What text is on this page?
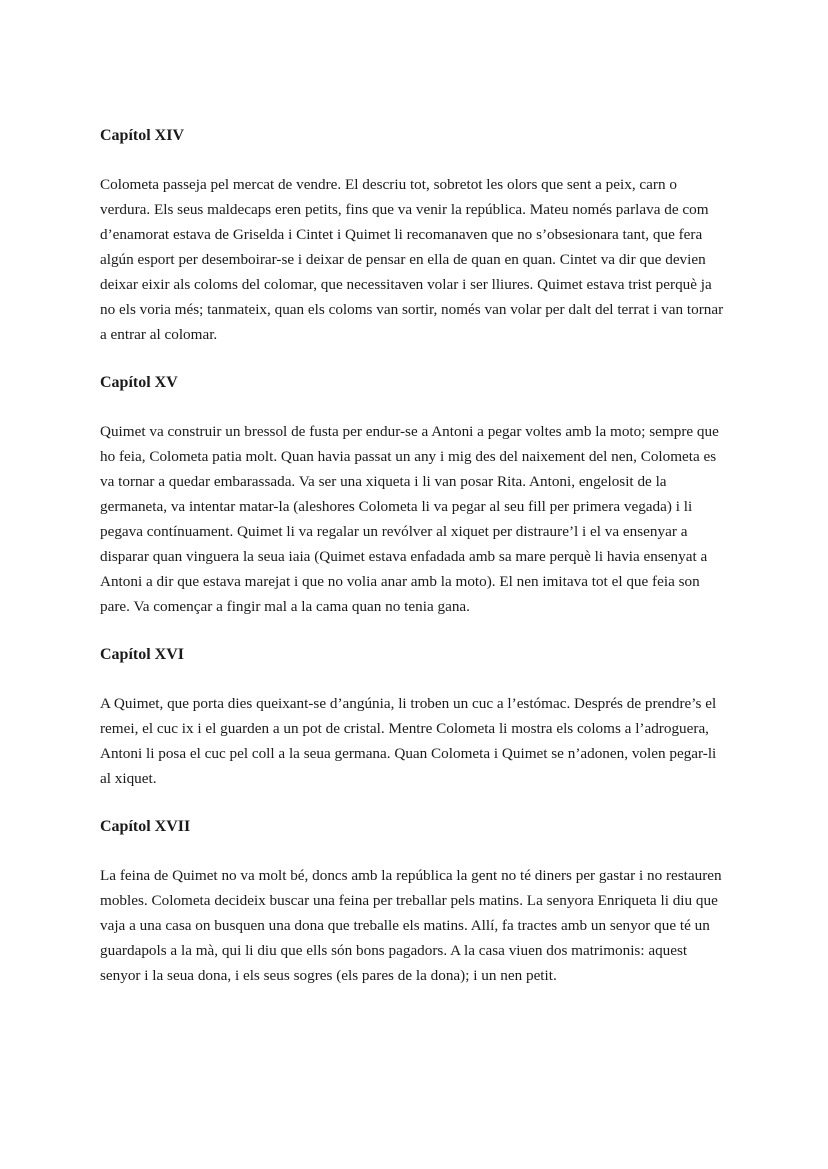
Capítol XIV

Colometa passeja pel mercat de vendre. El descriu tot, sobretot les olors que sent a peix, carn o verdura. Els seus maldecaps eren petits, fins que va venir la república. Mateu només parlava de com d’enamorat estava de Griselda i Cintet i Quimet li recomanaven que no s’obsesionara tant, que fera algún esport per desemboirar-se i deixar de pensar en ella de quan en quan. Cintet va dir que devien deixar eixir als coloms del colomar, que necessitaven volar i ser lliures. Quimet estava trist perquè ja no els voria més; tanmateix, quan els coloms van sortir, només van volar per dalt del terrat i van tornar a entrar al colomar.

Capítol XV

Quimet va construir un bressol de fusta per endur-se a Antoni a pegar voltes amb la moto; sempre que ho feia, Colometa patia molt. Quan havia passat un any i mig des del naixement del nen, Colometa es va tornar a quedar embarassada. Va ser una xiqueta i li van posar Rita. Antoni, engelosit de la germaneta, va intentar matar-la (aleshores Colometa li va pegar al seu fill per primera vegada) i li pegava contínuament. Quimet li va regalar un revólver al xiquet per distraure’l i el va ensenyar a disparar quan vinguera la seua iaia (Quimet estava enfadada amb sa mare perquè li havia ensenyat a Antoni a dir que estava marejat i que no volia anar amb la moto). El nen imitava tot el que feia son pare. Va començar a fingir mal a la cama quan no tenia gana.

Capítol XVI

A Quimet, que porta dies queixant-se d’angúnia, li troben un cuc a l’estómac. Després de prendre’s el remei, el cuc ix i el guarden a un pot de cristal. Mentre Colometa li mostra els coloms a l’adroguera, Antoni li posa el cuc pel coll a la seua germana. Quan Colometa i Quimet se n’adonen, volen pegar-li al xiquet.

Capítol XVII

La feina de Quimet no va molt bé, doncs amb la república la gent no té diners per gastar i no restauren mobles. Colometa decideix buscar una feina per treballar pels matins. La senyora Enriqueta li diu que vaja a una casa on busquen una dona que treballe els matins. Allí, fa tractes amb un senyor que té un guardapols a la mà, qui li diu que ells són bons pagadors. A la casa viuen dos matrimonis: aquest senyor i la seua dona, i els seus sogres (els pares de la dona); i un nen petit.
